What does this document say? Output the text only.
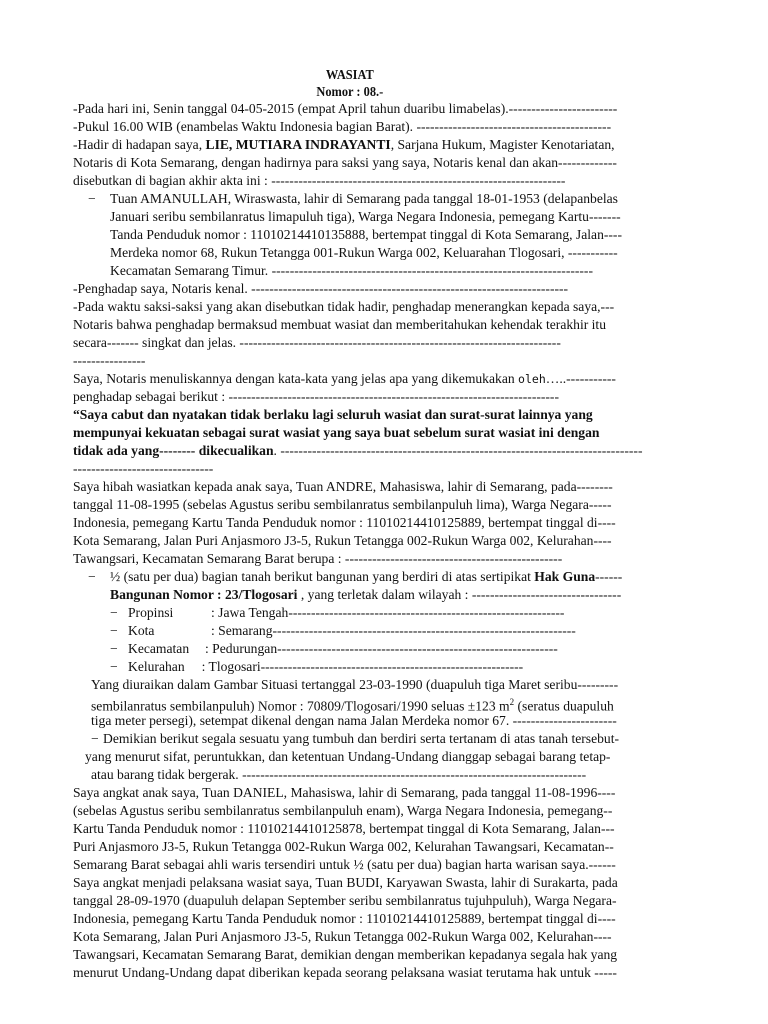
WASIAT
Nomor : 08.-
-Pada hari ini, Senin tanggal 04-05-2015 (empat April tahun duaribu limabelas).------------------------
-Pukul 16.00 WIB (enambelas Waktu Indonesia bagian Barat). -------------------------------------------
-Hadir di hadapan saya, LIE, MUTIARA INDRAYANTI, Sarjana Hukum, Magister Kenotariatan,
Notaris di Kota Semarang, dengan hadirnya para saksi yang saya, Notaris kenal dan akan-------------
disebutkan di bagian akhir akta ini : -----------------------------------------------------------------
− Tuan AMANULLAH, Wiraswasta, lahir di Semarang pada tanggal 18-01-1953 (delapanbelas
Januari seribu sembilanratus limapuluh tiga), Warga Negara Indonesia, pemegang Kartu-------
Tanda Penduduk nomor : 11010214410135888, bertempat tinggal di Kota Semarang, Jalan----
Merdeka nomor 68, Rukun Tetangga 001-Rukun Warga 002, Keluarahan Tlogosari, -----------
Kecamatan Semarang Timur. -----------------------------------------------------------------------
-Penghadap saya, Notaris kenal. ----------------------------------------------------------------------
-Pada waktu saksi-saksi yang akan disebutkan tidak hadir, penghadap menerangkan kepada saya,---
Notaris bahwa penghadap bermaksud membuat wasiat dan memberitahukan kehendak terakhir itu
secara------- singkat dan jelas. -----------------------------------------------------------------------
----------------
Saya, Notaris menuliskannya dengan kata-kata yang jelas apa yang dikemukakan oleh…..-----------
penghadap sebagai berikut : -------------------------------------------------------------------------
“Saya cabut dan nyatakan tidak berlaku lagi seluruh wasiat dan surat-surat lainnya yang
mempunyai kekuatan sebagai surat wasiat yang saya buat sebelum surat wasiat ini dengan
tidak ada yang-------- dikecualikan. --------------------------------------------------------------------------------
-------------------------------
Saya hibah wasiatkan kepada anak saya, Tuan ANDRE, Mahasiswa, lahir di Semarang, pada--------
tanggal 11-08-1995 (sebelas Agustus seribu sembilanratus sembilanpuluh lima), Warga Negara-----
Indonesia, pemegang Kartu Tanda Penduduk nomor : 11010214410125889, bertempat tinggal di----
Kota Semarang, Jalan Puri Anjasmoro J3-5, Rukun Tetangga 002-Rukun Warga 002, Kelurahan----
Tawangsari, Kecamatan Semarang Barat berupa : ------------------------------------------------
− ½ (satu per dua) bagian tanah berikut bangunan yang berdiri di atas sertipikat Hak Guna------
Bangunan Nomor : 23/Tlogosari , yang terletak dalam wilayah : ---------------------------------
− Propinsi	: Jawa Tengah-------------------------------------------------------------
− Kota	: Semarang-------------------------------------------------------------------
− Kecamatan : Pedurungan--------------------------------------------------------------
− Kelurahan     : Tlogosari----------------------------------------------------------
Yang diuraikan dalam Gambar Situasi tertanggal 23-03-1990 (duapuluh tiga Maret seribu---------
sembilanratus sembilanpuluh) Nomor : 70809/Tlogosari/1990 seluas ±123 $m^2$ (seratus duapuluh
tiga meter persegi), setempat dikenal dengan nama Jalan Merdeka nomor 67. -----------------------
− Demikian berikut segala sesuatu yang tumbuh dan berdiri serta tertanam di atas tanah tersebut-
yang menurut sifat, peruntukkan, dan ketentuan Undang-Undang dianggap sebagai barang tetap-
atau barang tidak bergerak. ----------------------------------------------------------------------------
Saya angkat anak saya, Tuan DANIEL, Mahasiswa, lahir di Semarang, pada tanggal 11-08-1996----
(sebelas Agustus seribu sembilanratus sembilanpuluh enam), Warga Negara Indonesia, pemegang--
Kartu Tanda Penduduk nomor : 11010214410125878, bertempat tinggal di Kota Semarang, Jalan---
Puri Anjasmoro J3-5, Rukun Tetangga 002-Rukun Warga 002, Kelurahan Tawangsari, Kecamatan--
Semarang Barat sebagai ahli waris tersendiri untuk ½ (satu per dua) bagian harta warisan saya.------
Saya angkat menjadi pelaksana wasiat saya, Tuan BUDI, Karyawan Swasta, lahir di Surakarta, pada
tanggal 28-09-1970 (duapuluh delapan September seribu sembilanratus tujuhpuluh), Warga Negara-
Indonesia, pemegang Kartu Tanda Penduduk nomor : 11010214410125889, bertempat tinggal di----
Kota Semarang, Jalan Puri Anjasmoro J3-5, Rukun Tetangga 002-Rukun Warga 002, Kelurahan----
Tawangsari, Kecamatan Semarang Barat, demikian dengan memberikan kepadanya segala hak yang
menurut Undang-Undang dapat diberikan kepada seorang pelaksana wasiat terutama hak untuk -----
